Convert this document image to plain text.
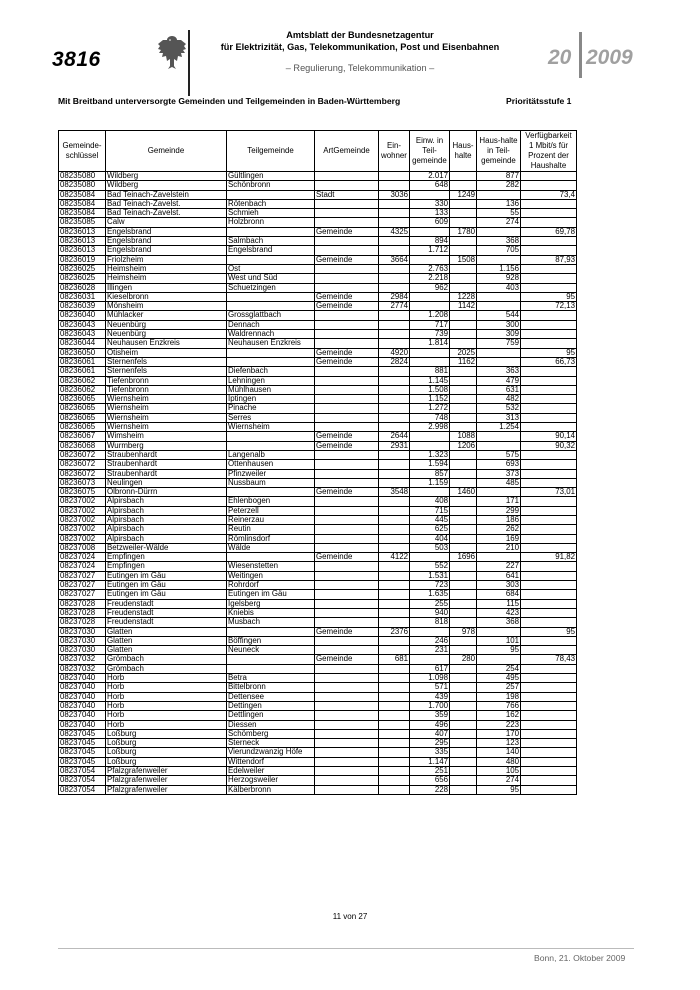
3816
Amtsblatt der Bundesnetzagentur
für Elektrizität, Gas, Telekommunikation, Post und Eisenbahnen
– Regulierung, Telekommunikation –	20 2009
Mit Breitband unterversorgte Gemeinden und Teilgemeinden in Baden-Württemberg	Prioritätsstufe 1
Gemeinde-schlüssel	Gemeinde	Teilgemeinde	ArtGemeinde	Ein-wohner	Einw. in Teil-gemeinde	Haus-halte	Haus-halte in Teil-gemeinde	Verfügbarkeit 1 Mbit/s für Prozent der Haushalte
08235080	Wildberg	Gültlingen			2.017		877	
08235080	Wildberg	Schönbronn			648		282	
08235084	Bad Teinach-Zavelstein		Stadt	3036		1249		73,4
08235084	Bad Teinach-Zavelst.	Rötenbach			330		136	
08235084	Bad Teinach-Zavelst.	Schmieh			133		55	
08235085	Calw	Holzbronn			609		274	
08236013	Engelsbrand		Gemeinde	4325		1780		69,78
08236013	Engelsbrand	Salmbach			894		368	
08236013	Engelsbrand	Engelsbrand			1.712		705	
08236019	Friolzheim		Gemeinde	3664		1508		87,93
08236025	Heimsheim	Ost			2.763		1.156	
08236025	Heimsheim	West und Süd			2.218		928	
08236028	Illingen	Schuetzingen			962		403	
08236031	Kieselbronn		Gemeinde	2984		1228		95
08236039	Mönsheim		Gemeinde	2774		1142		72,13
08236040	Mühlacker	Grossglattbach			1.208		544	
08236043	Neuenbürg	Dennach			717		300	
08236043	Neuenbürg	Waldrennach			739		309	
08236044	Neuhausen Enzkreis	Neuhausen Enzkreis			1.814		759	
08236050	Ötisheim		Gemeinde	4920		2025		95
08236061	Sternenfels		Gemeinde	2824		1162		66,73
08236061	Sternenfels	Diefenbach			881		363	
08236062	Tiefenbronn	Lehningen			1.145		479	
08236062	Tiefenbronn	Mühlhausen			1.508		631	
08236065	Wiernsheim	Iptingen			1.152		482	
08236065	Wiernsheim	Pinache			1.272		532	
08236065	Wiernsheim	Serres			748		313	
08236065	Wiernsheim	Wiernsheim			2.998		1.254	
08236067	Wimsheim		Gemeinde	2644		1088		90,14
08236068	Wurmberg		Gemeinde	2931		1206		90,32
08236072	Straubenhardt	Langenalb			1.323		575	
08236072	Straubenhardt	Ottenhausen			1.594		693	
08236072	Straubenhardt	Pfinzweiler			857		373	
08236073	Neulingen	Nussbaum			1.159		485	
08236075	Ölbronn-Dürrn		Gemeinde	3548		1460		73,01
08237002	Alpirsbach	Ehlenbogen			408		171	
08237002	Alpirsbach	Peterzell			715		299	
08237002	Alpirsbach	Reinerzau			445		186	
08237002	Alpirsbach	Reutin			625		262	
08237002	Alpirsbach	Römlinsdorf			404		169	
08237008	Betzweiler-Wälde	Wälde			503		210	
08237024	Empfingen		Gemeinde	4122		1696		91,82
08237024	Empfingen	Wiesenstetten			552		227	
08237027	Eutingen im Gäu	Weitingen			1.531		641	
08237027	Eutingen im Gäu	Rohrdorf			723		303	
08237027	Eutingen im Gäu	Eutingen im Gäu			1.635		684	
08237028	Freudenstadt	Igelsberg			255		115	
08237028	Freudenstadt	Kniebis			940		423	
08237028	Freudenstadt	Musbach			818		368	
08237030	Glatten		Gemeinde	2376		978		95
08237030	Glatten	Böffingen			246		101	
08237030	Glatten	Neuneck			231		95	
08237032	Grömbach		Gemeinde	681		280		78,43
08237032	Grömbach				617		254	
08237040	Horb	Betra			1.098		495	
08237040	Horb	Bittelbronn			571		257	
08237040	Horb	Dettensee			439		198	
08237040	Horb	Dettingen			1.700		766	
08237040	Horb	Dettlingen			359		162	
08237040	Horb	Diessen			496		223	
08237045	Loßburg	Schömberg			407		170	
08237045	Loßburg	Sterneck			295		123	
08237045	Loßburg	Vierundzwanzig Höfe			335		140	
08237045	Loßburg	Wittendorf			1.147		480	
08237054	Pfalzgrafenweiler	Edelweiler			251		105	
08237054	Pfalzgrafenweiler	Herzogsweiler			656		274	
08237054	Pfalzgrafenweiler	Kälberbronn			228		95	
11 von 27
Bonn, 21. Oktober 2009
